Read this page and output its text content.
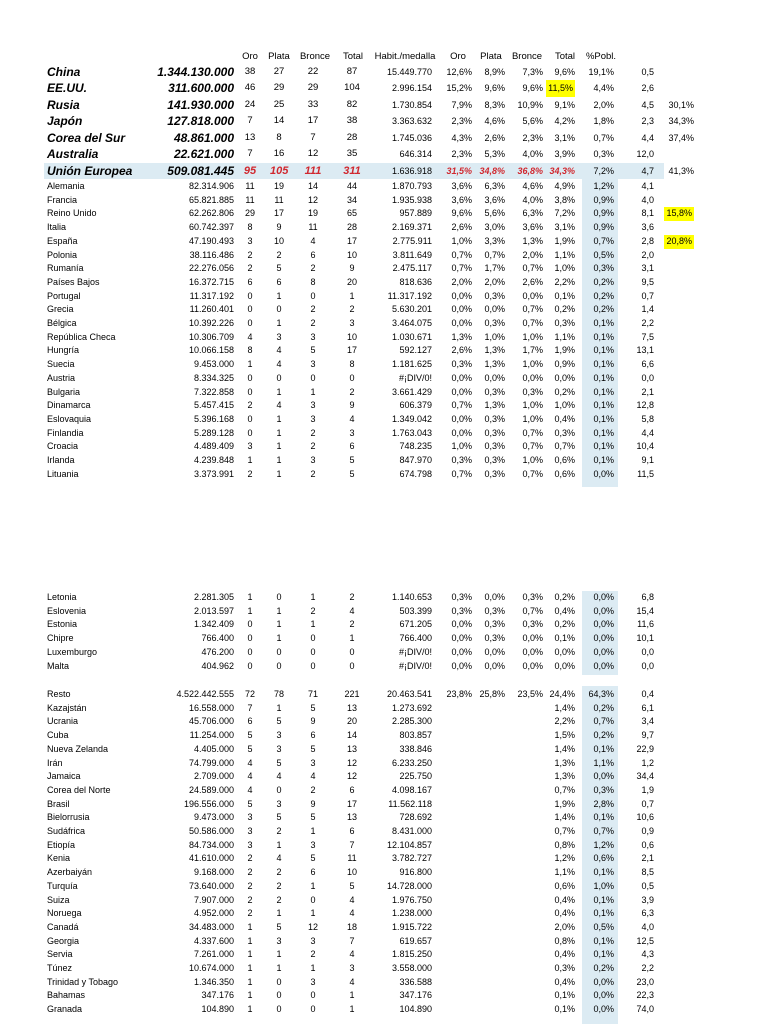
Oro Plata Bronce	Total	Habit./medalla	Oro	Plata	Bronce	Total	%Pobl.
China	1.344.130.000	38	27	22	87	15.449.770 12,6% 8,9% 7,3% 9,6% 19,1%	0,5
EE.UU.	311.600.000	46	29	29	104	2.996.154 15,2% 9,6% 9,6% 11,5% 4,4%	2,6
Rusia	141.930.000	24	25	33	82	1.730.854 7,9% 8,3% 10,9% 9,1% 2,0%	4,5 30,1%
Japón	127.818.000	7	14	17	38	3.363.632 2,3% 4,6% 5,6% 4,2% 1,8%	2,3 34,3%
Corea del Sur	48.861.000	13	8	7	28	1.745.036 4,3% 2,6% 2,3% 3,1% 0,7%	4,4 37,4%
Australia	22.621.000	7	16	12	35	646.314 2,3% 5,3% 4,0% 3,9% 0,3% 12,0
Unión Europea	509.081.445 95 105 111 311	1.636.918 31,5% 34,8% 36,8% 34,3% 7,2%	4,7 41,3%
Alemania	82.314.906	11	19	14	44	1.870.793 3,6% 6,3% 4,6% 4,9% 1,2%	4,1
Francia	65.821.885	11	11	12	34	1.935.938 3,6% 3,6% 4,0% 3,8% 0,9%	4,0
Reino Unido	62.262.806	29	17	19	65	957.889 9,6% 5,6% 6,3% 7,2% 0,9%	8,1 15,8%
Italia	60.742.397	8	9	11	28	2.169.371 2,6% 3,0% 3,6% 3,1% 0,9%	3,6
España	47.190.493	3	10	4	17	2.775.911 1,0% 3,3% 1,3% 1,9% 0,7%	2,8 20,8%
Polonia	38.116.486	2	2	6	10	3.811.649 0,7% 0,7% 2,0% 1,1% 0,5%	2,0
Rumanía	22.276.056	2	5	2	9	2.475.117 0,7% 1,7% 0,7% 1,0% 0,3%	3,1
Países Bajos	16.372.715	6	6	8	20	818.636 2,0% 2,0% 2,6% 2,2% 0,2%	9,5
Portugal	11.317.192	0	1	0	1	11.317.192 0,0% 0,3% 0,0% 0,1% 0,2%	0,7
Grecia	11.260.401	0	0	2	2	5.630.201 0,0% 0,0% 0,7% 0,2% 0,2%	1,4
Bélgica	10.392.226	0	1	2	3	3.464.075 0,0% 0,3% 0,7% 0,3% 0,1%	2,2
República Checa	10.306.709	4	3	3	10	1.030.671 1,3% 1,0% 1,0% 1,1% 0,1%	7,5
Hungría	10.066.158	8	4	5	17	592.127 2,6% 1,3% 1,7% 1,9% 0,1% 13,1
Suecia	9.453.000	1	4	3	8	1.181.625 0,3% 1,3% 1,0% 0,9% 0,1%	6,6
Austria	8.334.325	0	0	0	0	#¡DIV/0! 0,0% 0,0% 0,0% 0,0% 0,1%	0,0
Bulgaria	7.322.858	0	1	1	2	3.661.429 0,0% 0,3% 0,3% 0,2% 0,1%	2,1
Dinamarca	5.457.415	2	4	3	9	606.379 0,7% 1,3% 1,0% 1,0% 0,1% 12,8
Eslovaquia	5.396.168	0	1	3	4	1.349.042 0,0% 0,3% 1,0% 0,4% 0,1%	5,8
Finlandia	5.289.128	0	1	2	3	1.763.043 0,0% 0,3% 0,7% 0,3% 0,1%	4,4
Croacia	4.489.409	3	1	2	6	748.235 1,0% 0,3% 0,7% 0,7% 0,1% 10,4
Irlanda	4.239.848	1	1	3	5	847.970 0,3% 0,3% 1,0% 0,6% 0,1%	9,1
Lituania	3.373.991	2	1	2	5	674.798 0,7% 0,3% 0,7% 0,6% 0,0%	11,5
Letonia	2.281.305	1	0	1	2	1.140.653 0,3% 0,0% 0,3% 0,2% 0,0%	6,8
Eslovenia	2.013.597	1	1	2	4	503.399 0,3% 0,3% 0,7% 0,4% 0,0% 15,4
Estonia	1.342.409	0	1	1	2	671.205 0,0% 0,3% 0,3% 0,2% 0,0%	11,6
Chipre	766.400	0	1	0	1	766.400 0,0% 0,3% 0,0% 0,1% 0,0% 10,1
Luxemburgo	476.200	0	0	0	0	#¡DIV/0! 0,0% 0,0% 0,0% 0,0% 0,0%	0,0
Malta	404.962	0	0	0	0	#¡DIV/0! 0,0% 0,0% 0,0% 0,0% 0,0%	0,0
Resto	4.522.442.555	72	78	71	221	20.463.541 23,8% 25,8% 23,5% 24,4% 64,3%	0,4
Kazajstán	16.558.000	7	1	5	13	1.273.692	1,4% 0,2%	6,1
Ucrania	45.706.000	6	5	9	20	2.285.300	2,2% 0,7%	3,4
Cuba	11.254.000	5	3	6	14	803.857	1,5% 0,2%	9,7
Nueva Zelanda	4.405.000	5	3	5	13	338.846	1,4% 0,1% 22,9
Irán	74.799.000	4	5	3	12	6.233.250	1,3% 1,1%	1,2
Jamaica	2.709.000	4	4	4	12	225.750	1,3% 0,0% 34,4
Corea del Norte	24.589.000	4	0	2	6	4.098.167	0,7% 0,3%	1,9
Brasil	196.556.000	5	3	9	17	11.562.118	1,9% 2,8%	0,7
Bielorrusia	9.473.000	3	5	5	13	728.692	1,4% 0,1% 10,6
Sudáfrica	50.586.000	3	2	1	6	8.431.000	0,7% 0,7%	0,9
Etiopía	84.734.000	3	1	3	7	12.104.857	0,8% 1,2%	0,6
Kenia	41.610.000	2	4	5	11	3.782.727	1,2% 0,6%	2,1
Azerbaiyán	9.168.000	2	2	6	10	916.800	1,1% 0,1%	8,5
Turquía	73.640.000	2	2	1	5	14.728.000	0,6% 1,0%	0,5
Suiza	7.907.000	2	2	0	4	1.976.750	0,4% 0,1%	3,9
Noruega	4.952.000	2	1	1	4	1.238.000	0,4% 0,1%	6,3
Canadá	34.483.000	1	5	12	18	1.915.722	2,0% 0,5%	4,0
Georgia	4.337.600	1	3	3	7	619.657	0,8% 0,1% 12,5
Servia	7.261.000	1	1	2	4	1.815.250	0,4% 0,1%	4,3
Túnez	10.674.000	1	1	1	3	3.558.000	0,3% 0,2%	2,2
Trinidad y Tobago	1.346.350	1	0	3	4	336.588	0,4% 0,0% 23,0
Bahamas	347.176	1	0	0	1	347.176	0,1% 0,0% 22,3
Granada	104.890	1	0	0	1	104.890	0,1% 0,0% 74,0
